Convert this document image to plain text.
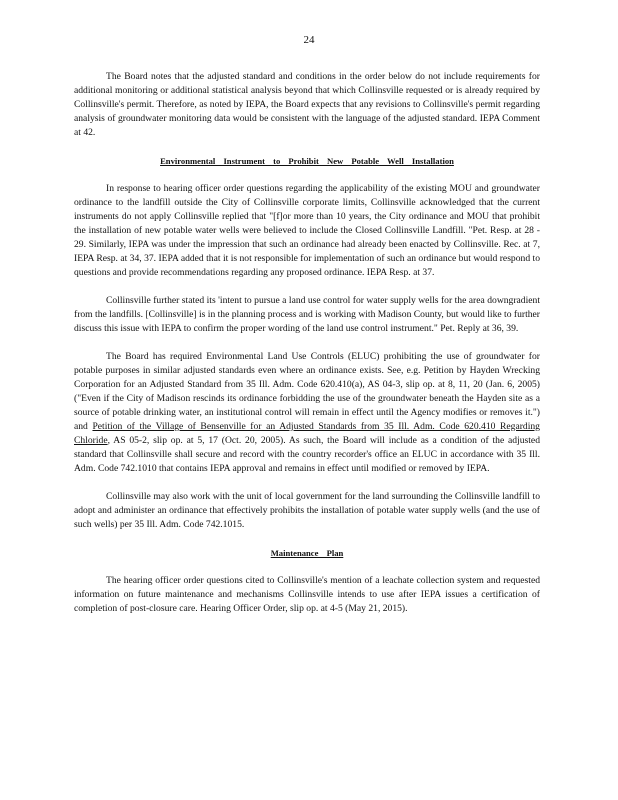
24

The Board notes that the adjusted standard and conditions in the order below do not include requirements for additional monitoring or additional statistical analysis beyond that which Collinsville requested or is already required by Collinsville's permit. Therefore, as noted by IEPA, the Board expects that any revisions to Collinsville's permit regarding analysis of groundwater monitoring data would be consistent with the language of the adjusted standard. IEPA Comment at 42.

Environmental Instrument to Prohibit New Potable Well Installation

In response to hearing officer order questions regarding the applicability of the existing MOU and groundwater ordinance to the landfill outside the City of Collinsville corporate limits, Collinsville acknowledged that the current instruments do not apply Collinsville replied that "[f]or more than 10 years, the City ordinance and MOU that prohibit the installation of new potable water wells were believed to include the Closed Collinsville Landfill. "Pet. Resp. at 28 - 29. Similarly, IEPA was under the impression that such an ordinance had already been enacted by Collinsville. Rec. at 7, IEPA Resp. at 34, 37. IEPA added that it is not responsible for implementation of such an ordinance but would respond to questions and provide recommendations regarding any proposed ordinance. IEPA Resp. at 37.

Collinsville further stated its 'intent to pursue a land use control for water supply wells for the area downgradient from the landfills. [Collinsville] is in the planning process and is working with Madison County, but would like to further discuss this issue with IEPA to confirm the proper wording of the land use control instrument." Pet. Reply at 36, 39.

The Board has required Environmental Land Use Controls (ELUC) prohibiting the use of groundwater for potable purposes in similar adjusted standards even where an ordinance exists. See, e.g. Petition by Hayden Wrecking Corporation for an Adjusted Standard from 35 Ill. Adm. Code 620.410(a), AS 04-3, slip op. at 8, 11, 20 (Jan. 6, 2005) ("Even if the City of Madison rescinds its ordinance forbidding the use of the groundwater beneath the Hayden site as a source of potable drinking water, an institutional control will remain in effect until the Agency modifies or removes it.") and Petition of the Village of Bensenville for an Adjusted Standards from 35 Ill. Adm. Code 620.410 Regarding Chloride, AS 05-2, slip op. at 5, 17 (Oct. 20, 2005). As such, the Board will include as a condition of the adjusted standard that Collinsville shall secure and record with the country recorder's office an ELUC in accordance with 35 Ill. Adm. Code 742.1010 that contains IEPA approval and remains in effect until modified or removed by IEPA.

Collinsville may also work with the unit of local government for the land surrounding the Collinsville landfill to adopt and administer an ordinance that effectively prohibits the installation of potable water supply wells (and the use of such wells) per 35 Ill. Adm. Code 742.1015.

Maintenance Plan

The hearing officer order questions cited to Collinsville's mention of a leachate collection system and requested information on future maintenance and mechanisms Collinsville intends to use after IEPA issues a certification of completion of post-closure care. Hearing Officer Order, slip op. at 4-5 (May 21, 2015).
